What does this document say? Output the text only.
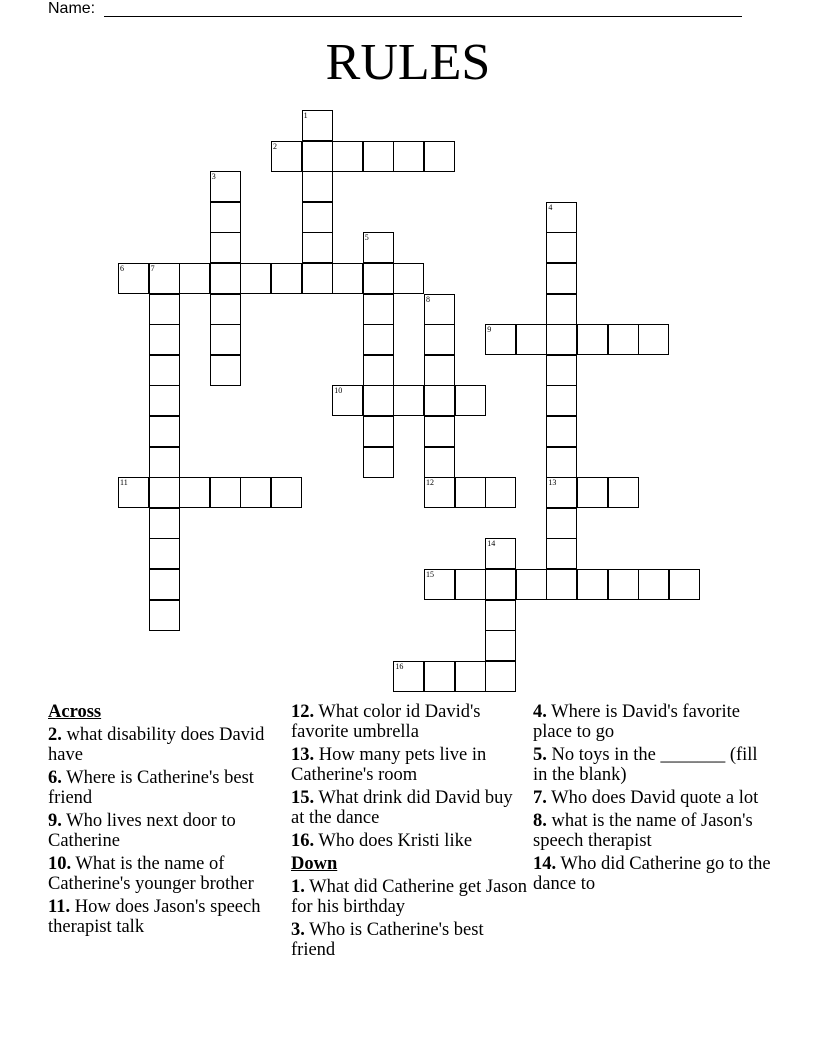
Name:
RULES
1
2
3
4
13
5
6	7
8
9
10
11	12
14
15
16
Across
2. what disability does David have
6. Where is Catherine's best friend
9. Who lives next door to Catherine
10. What is the name of Catherine's younger brother
11. How does Jason's speech therapist talk
12. What color id David's favorite umbrella
13. How many pets live in Catherine's room
15. What drink did David buy at the dance
16. Who does Kristi like
Down
1. What did Catherine get Jason for his birthday
3. Who is Catherine's best friend
4. Where is David's favorite place to go
5. No toys in the _______ (fill in the blank)
7. Who does David quote a lot
8. what is the name of Jason's speech therapist
14. Who did Catherine go to the dance to
